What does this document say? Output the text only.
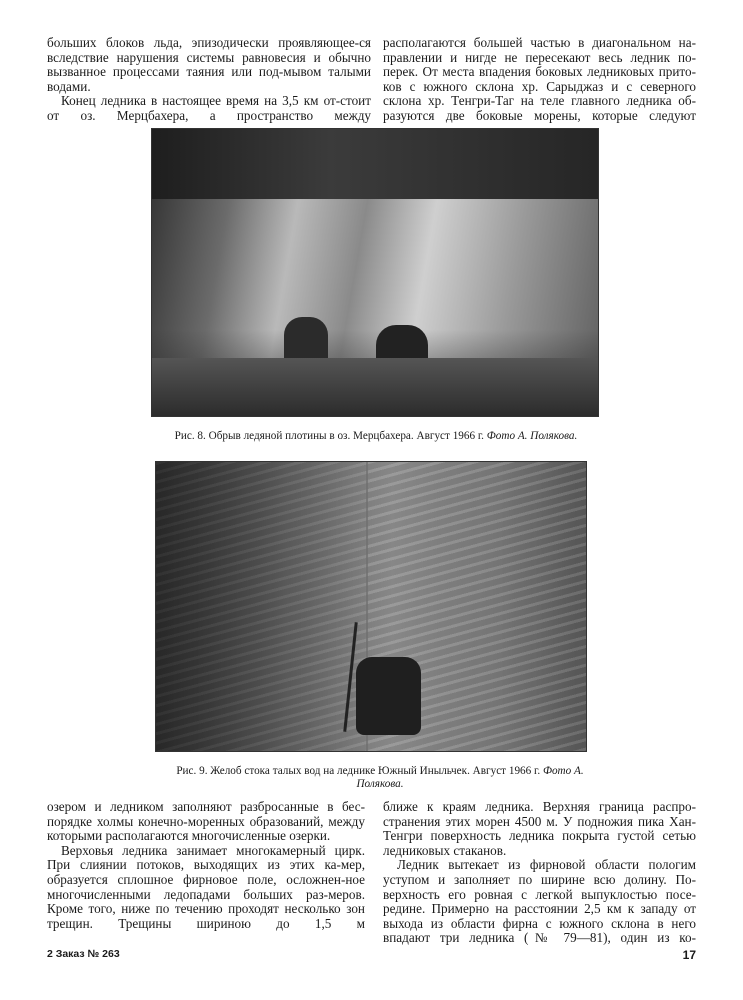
больших блоков льда, эпизодически проявляющее-ся вследствие нарушения системы равновесия и обычно вызванное процессами таяния или под-мывом талыми водами.

Конец ледника в настоящее время на 3,5 км от-стоит от оз. Мерцбахера, а пространство между

располагаются большей частью в диагональном на-правлении и нигде не пересекают весь ледник по-перек. От места впадения боковых ледниковых прито-ков с южного склона хр. Сарыджаз и с северного склона хр. Тенгри-Таг на теле главного ледника об-разуются две боковые морены, которые следуют

Рис. 8. Обрыв ледяной плотины в оз. Мерцбахера. Август 1966 г. Фото А. Полякова.
Рис. 9. Желоб стока талых вод на леднике Южный Иныльчек. Август 1966 г. Фото А. Полякова.

озером и ледником заполняют разбросанные в бес-порядке холмы конечно-моренных образований, между которыми располагаются многочисленные озерки.

Верховья ледника занимает многокамерный цирк. При слиянии потоков, выходящих из этих ка-мер, образуется сплошное фирновое поле, осложнен-ное многочисленными ледопадами больших раз-меров. Кроме того, ниже по течению проходят несколько зон трещин. Трещины шириною до 1,5 м

ближе к краям ледника. Верхняя граница распро-странения этих морен 4500 м. У подножия пика Хан-Тенгри поверхность ледника покрыта густой сетью ледниковых стаканов.

Ледник вытекает из фирновой области пологим уступом и заполняет по ширине всю долину. По-верхность его ровная с легкой выпуклостью посе-редине. Примерно на расстоянии 2,5 км к западу от выхода из области фирна с южного склона в него впадают три ледника (№ 79—81), один из ко-

2 Заказ № 263	17
